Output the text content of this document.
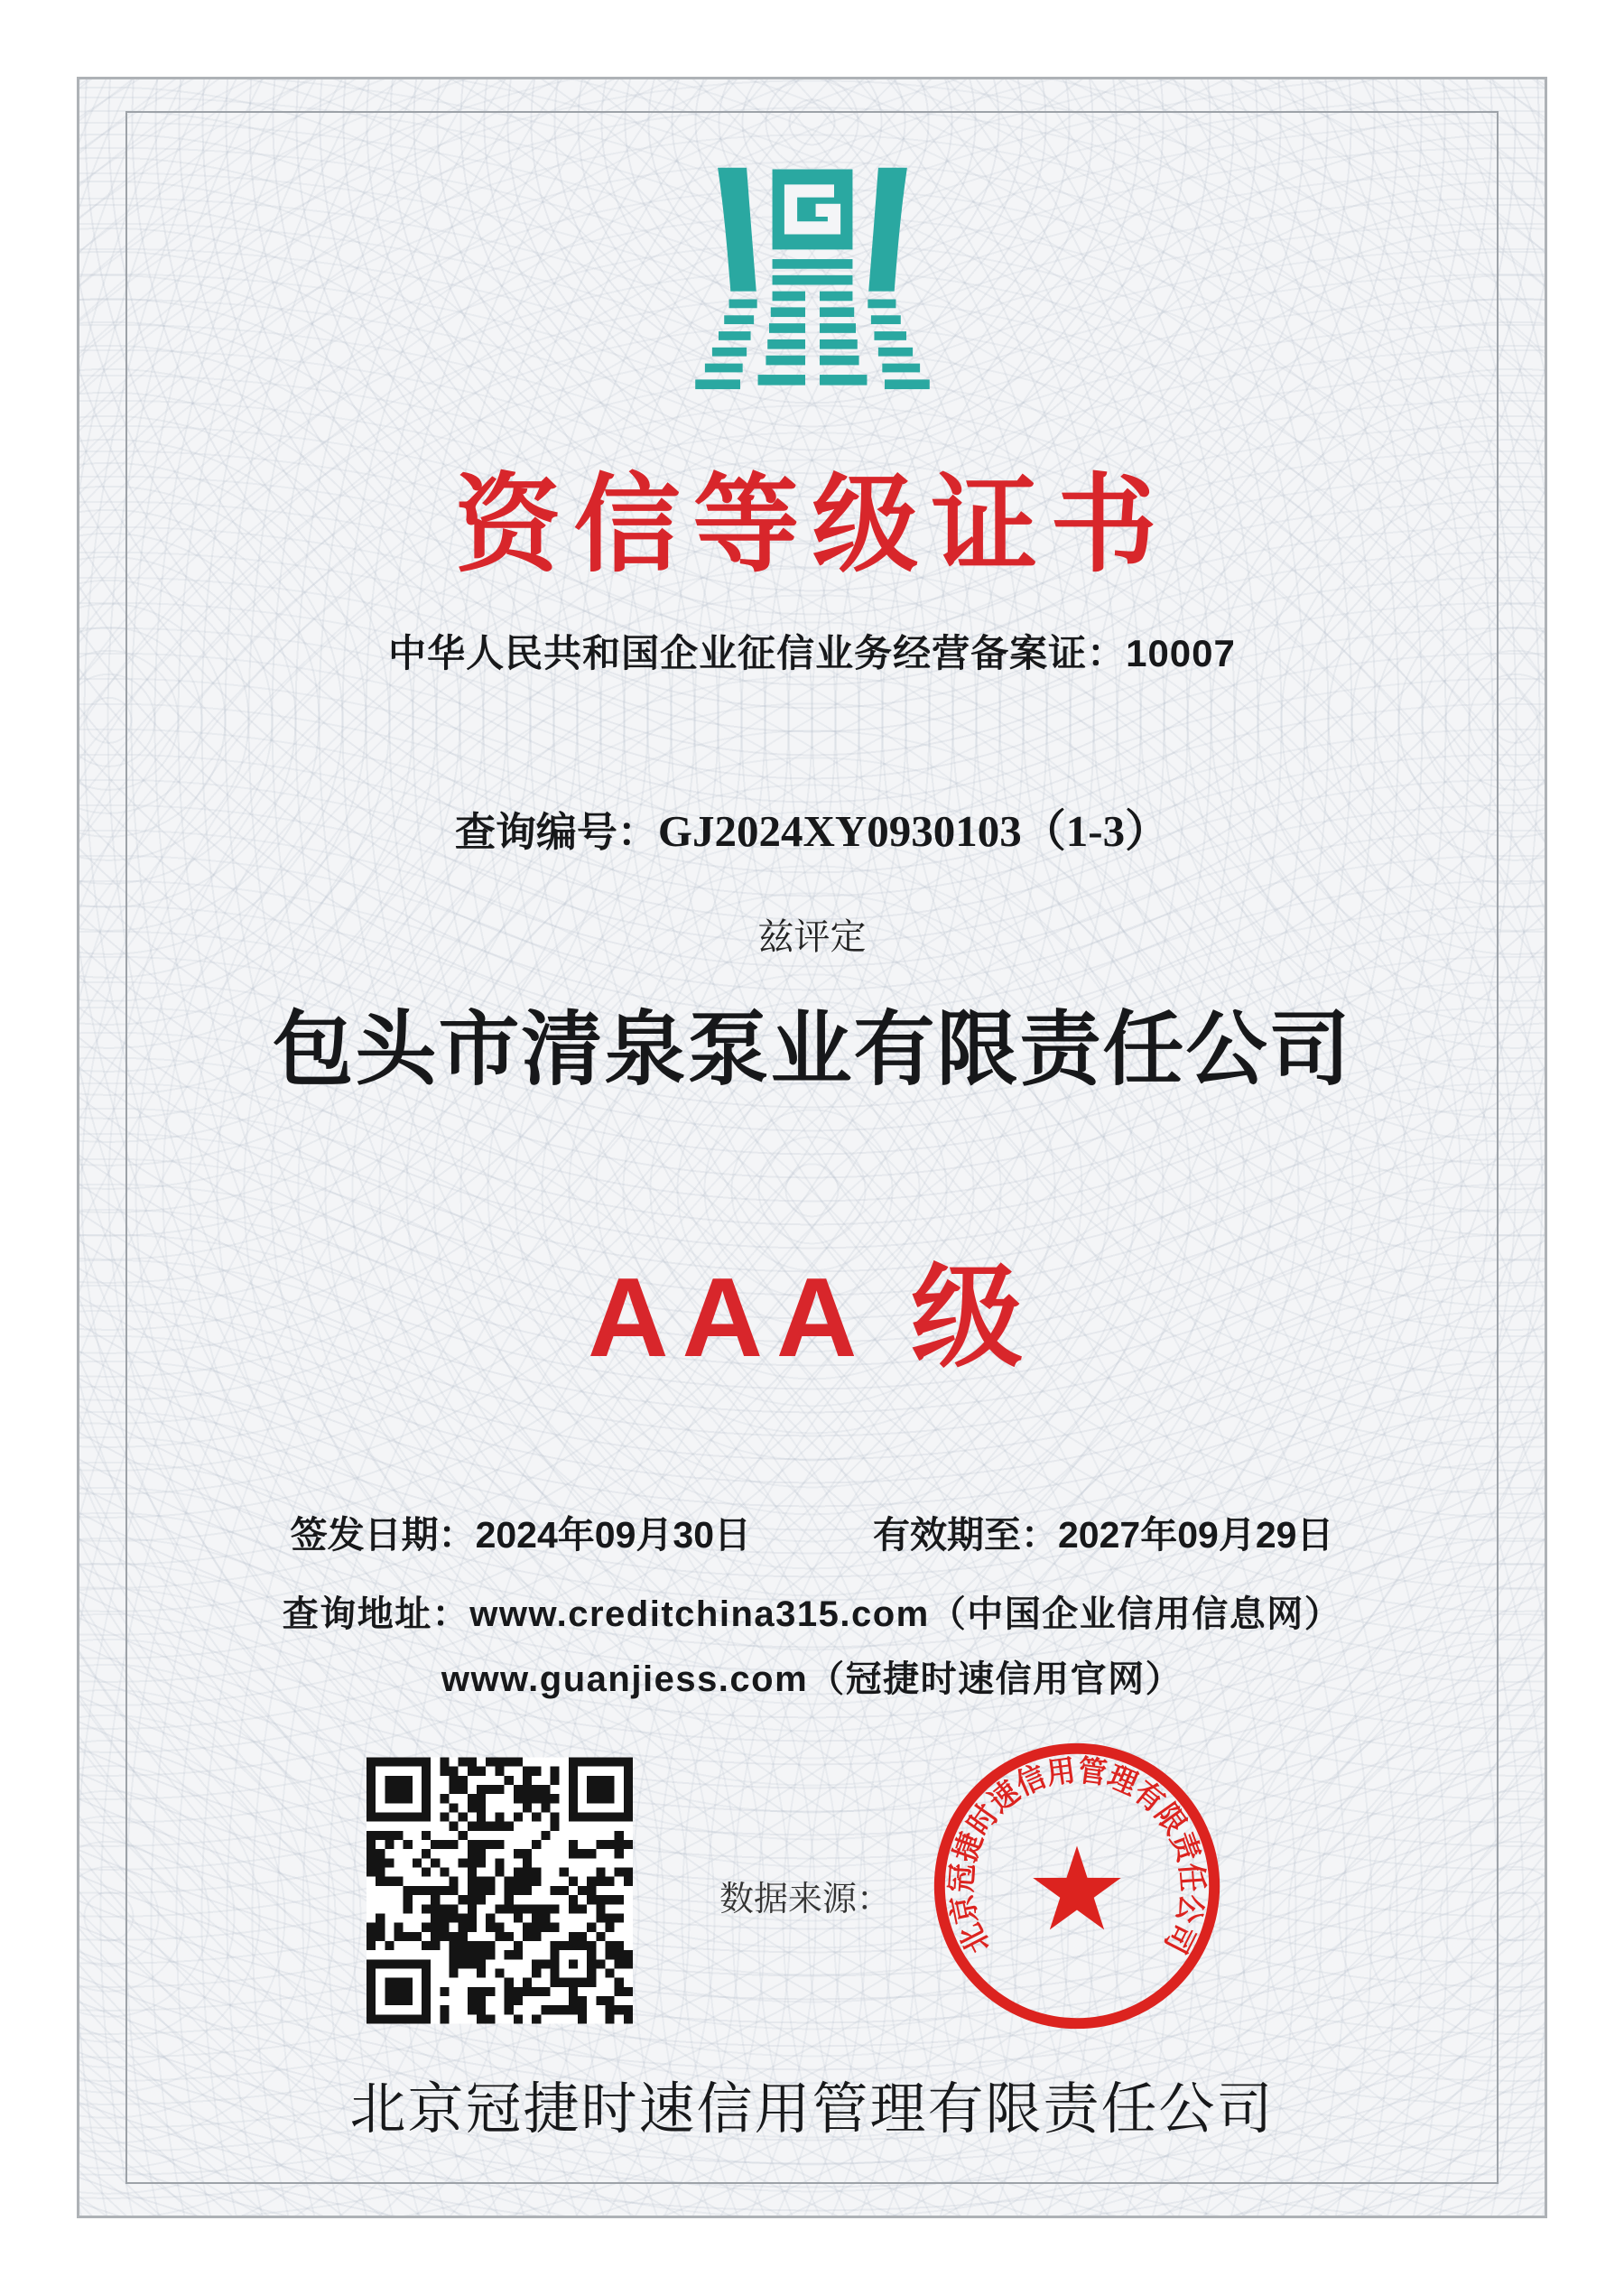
资信等级证书
中华人民共和国企业征信业务经营备案证：10007
查询编号：GJ2024XY0930103（1-3）
兹评定
包头市清泉泵业有限责任公司
AAA 级
签发日期：2024年09月30日	有效期至：2027年09月29日
查询地址：www.creditchina315.com（中国企业信用信息网）
www.guanjiess.com（冠捷时速信用官网）
数据来源：
北京冠捷时速信用管理有限责任公司
北京冠捷时速信用管理有限责任公司
